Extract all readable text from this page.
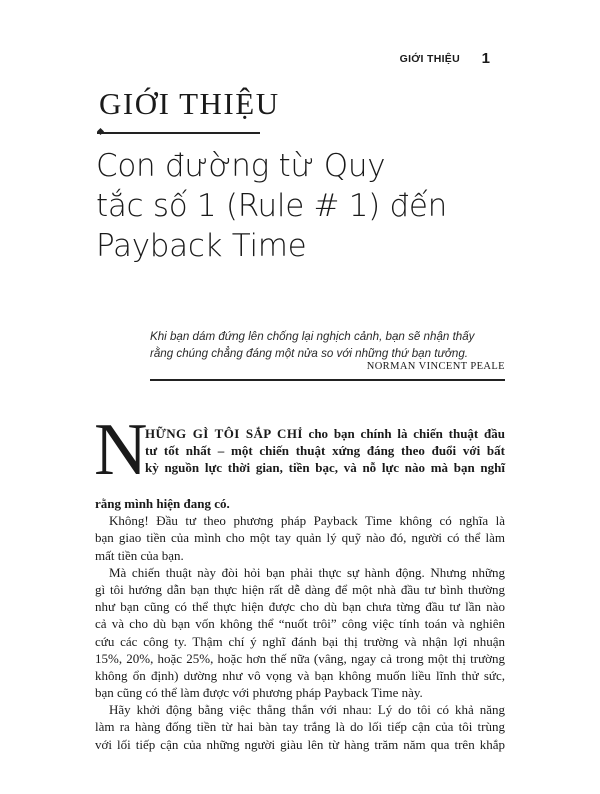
GIỚI THIỆU 1
GIỚI THIỆU
Con đường từ Quy
tắc số 1 (Rule # 1) đến
Payback Time
Khi bạn dám đứng lên chống lại nghịch cảnh, bạn sẽ nhận thấy
rằng chúng chẳng đáng một nửa so với những thứ bạn tưởng.
NORMAN VINCENT PEALE
N
HỮNG GÌ TÔI SẮP CHỈ cho bạn chính là chiến thuật đầu
tư tốt nhất – một chiến thuật xứng đáng theo đuổi với bất
kỳ nguồn lực thời gian, tiền bạc, và nỗ lực nào mà bạn nghĩ
rằng mình hiện đang có.
Không! Đầu tư theo phương pháp Payback Time không có nghĩa là
bạn giao tiền của mình cho một tay quản lý quỹ nào đó, người có thể làm
mất tiền của bạn.
Mà chiến thuật này đòi hỏi bạn phải thực sự hành động. Nhưng những
gì tôi hướng dẫn bạn thực hiện rất dễ dàng để một nhà đầu tư bình thường
như bạn cũng có thể thực hiện được cho dù bạn chưa từng đầu tư lần nào
cả và cho dù bạn vốn không thể “nuốt trôi” công việc tính toán và nghiên
cứu các công ty. Thậm chí ý nghĩ đánh bại thị trường và nhận lợi nhuận
15%, 20%, hoặc 25%, hoặc hơn thế nữa (vâng, ngay cả trong một thị trường
không ổn định) dường như vô vọng và bạn không muốn liều lĩnh thử sức,
bạn cũng có thể làm được với phương pháp Payback Time này.
Hãy khởi động bằng việc thẳng thắn với nhau: Lý do tôi có khả năng
làm ra hàng đống tiền từ hai bàn tay trắng là do lối tiếp cận của tôi trùng
với lối tiếp cận của những người giàu lên từ hàng trăm năm qua trên khắp
